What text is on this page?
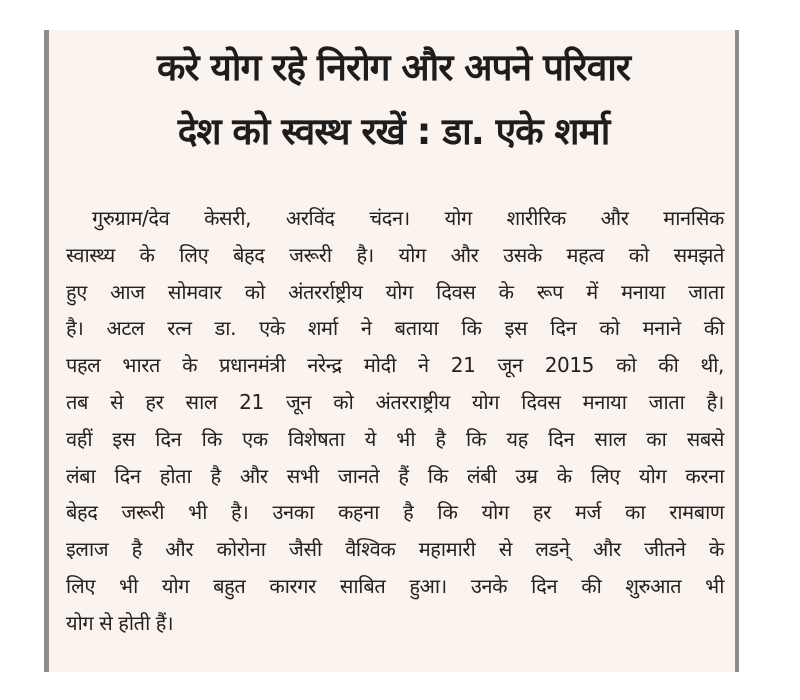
करे योग रहे निरोग और अपने परिवार
देश को स्वस्थ रखें : डा. एके शर्मा
गुरुग्राम/देव केसरी, अरविंद चंदन। योग शारीरिक और मानसिक
स्वास्थ्य के लिए बेहद जरूरी है। योग और उसके महत्व को समझते
हुए आज सोमवार को अंतरर्राष्ट्रीय योग दिवस के रूप में मनाया जाता
है। अटल रत्न डा. एके शर्मा ने बताया कि इस दिन को मनाने की
पहल भारत के प्रधानमंत्री नरेन्द्र मोदी ने 21 जून 2015 को की थी,
तब से हर साल 21 जून को अंतरराष्ट्रीय योग दिवस मनाया जाता है।
वहीं इस दिन कि एक विशेषता ये भी है कि यह दिन साल का सबसे
लंबा दिन होता है और सभी जानते हैं कि लंबी उम्र के लिए योग करना
बेहद जरूरी भी है। उनका कहना है कि योग हर मर्ज का रामबाण
इलाज है और कोरोना जैसी वैश्विक महामारी से लडने् और जीतने के
लिए भी योग बहुत कारगर साबित हुआ। उनके दिन की शुरुआत भी
योग से होती हैं।
